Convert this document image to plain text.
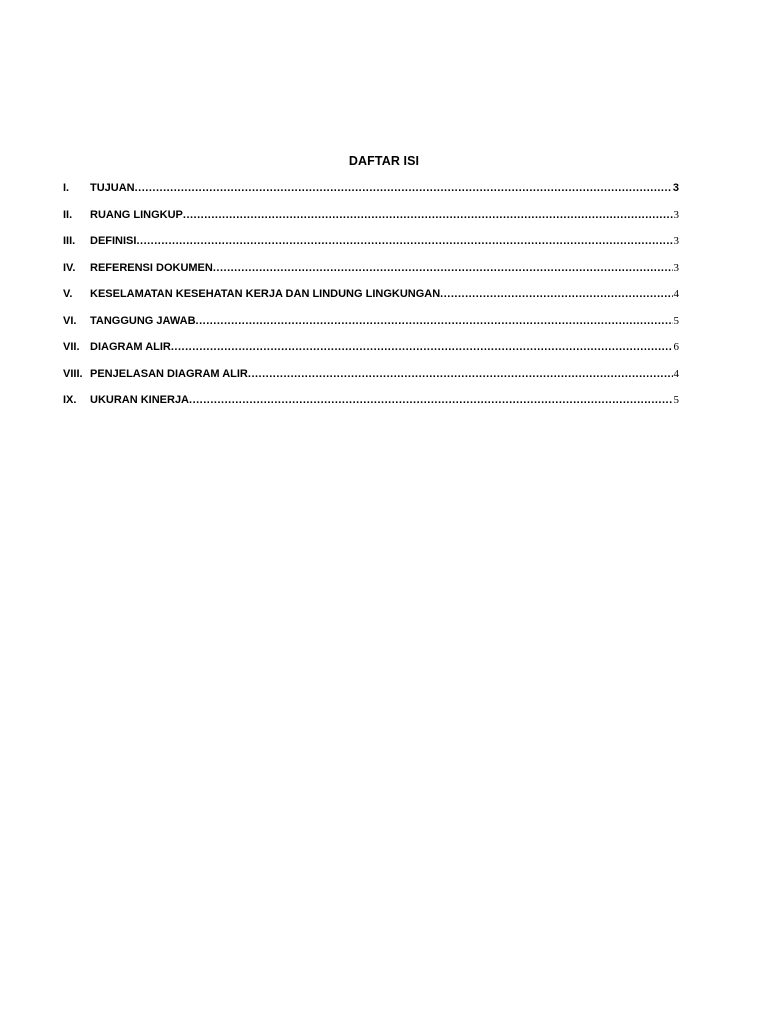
DAFTAR ISI
I.	TUJUAN .....	3
II.	RUANG LINGKUP .....	3
III.	DEFINISI .....	3
IV.	REFERENSI DOKUMEN .....	3
V.	KESELAMATAN KESEHATAN KERJA DAN LINDUNG LINGKUNGAN .....	4
VI.	TANGGUNG JAWAB .....	5
VII. DIAGRAM ALIR .....	6
VIII. PENJELASAN DIAGRAM ALIR .....	4
IX.	UKURAN KINERJA .....	5
